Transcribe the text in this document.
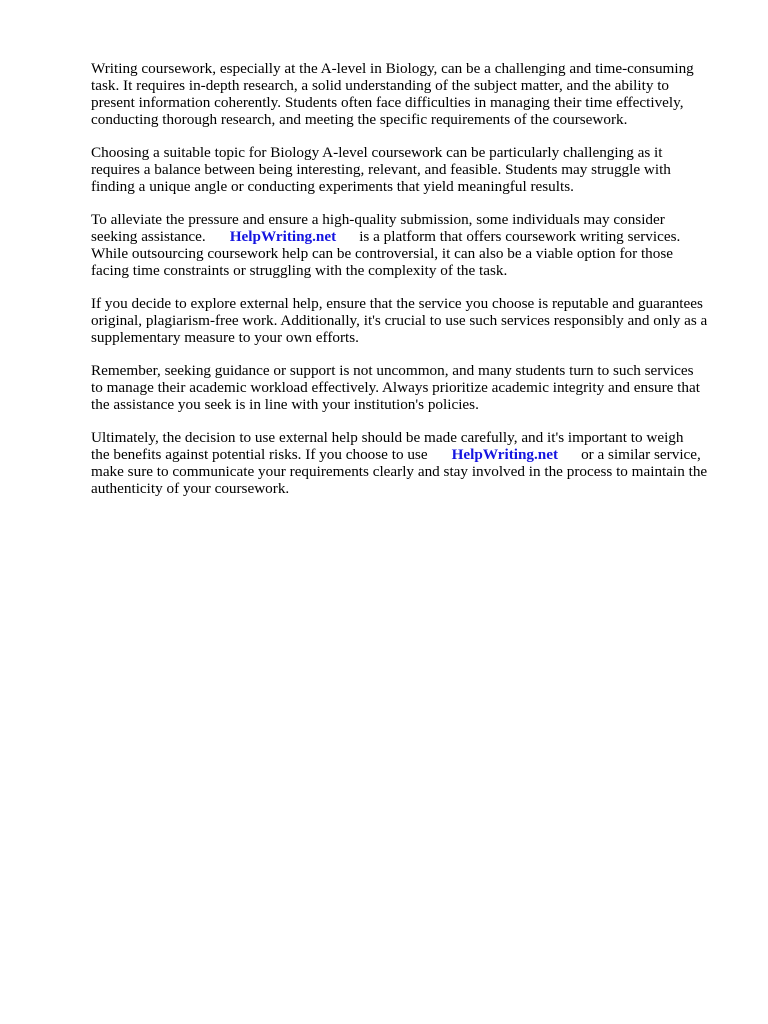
Writing coursework, especially at the A-level in Biology, can be a challenging and time-consuming
task. It requires in-depth research, a solid understanding of the subject matter, and the ability to
present information coherently. Students often face difficulties in managing their time effectively,
conducting thorough research, and meeting the specific requirements of the coursework.

Choosing a suitable topic for Biology A-level coursework can be particularly challenging as it
requires a balance between being interesting, relevant, and feasible. Students may struggle with
finding a unique angle or conducting experiments that yield meaningful results.

To alleviate the pressure and ensure a high-quality submission, some individuals may consider
seeking assistance. HelpWriting.net is a platform that offers coursework writing services.
While outsourcing coursework help can be controversial, it can also be a viable option for those
facing time constraints or struggling with the complexity of the task.

If you decide to explore external help, ensure that the service you choose is reputable and guarantees
original, plagiarism-free work. Additionally, it's crucial to use such services responsibly and only as a
supplementary measure to your own efforts.

Remember, seeking guidance or support is not uncommon, and many students turn to such services
to manage their academic workload effectively. Always prioritize academic integrity and ensure that
the assistance you seek is in line with your institution's policies.

Ultimately, the decision to use external help should be made carefully, and it's important to weigh
the benefits against potential risks. If you choose to use HelpWriting.net or a similar service,
make sure to communicate your requirements clearly and stay involved in the process to maintain the
authenticity of your coursework.
